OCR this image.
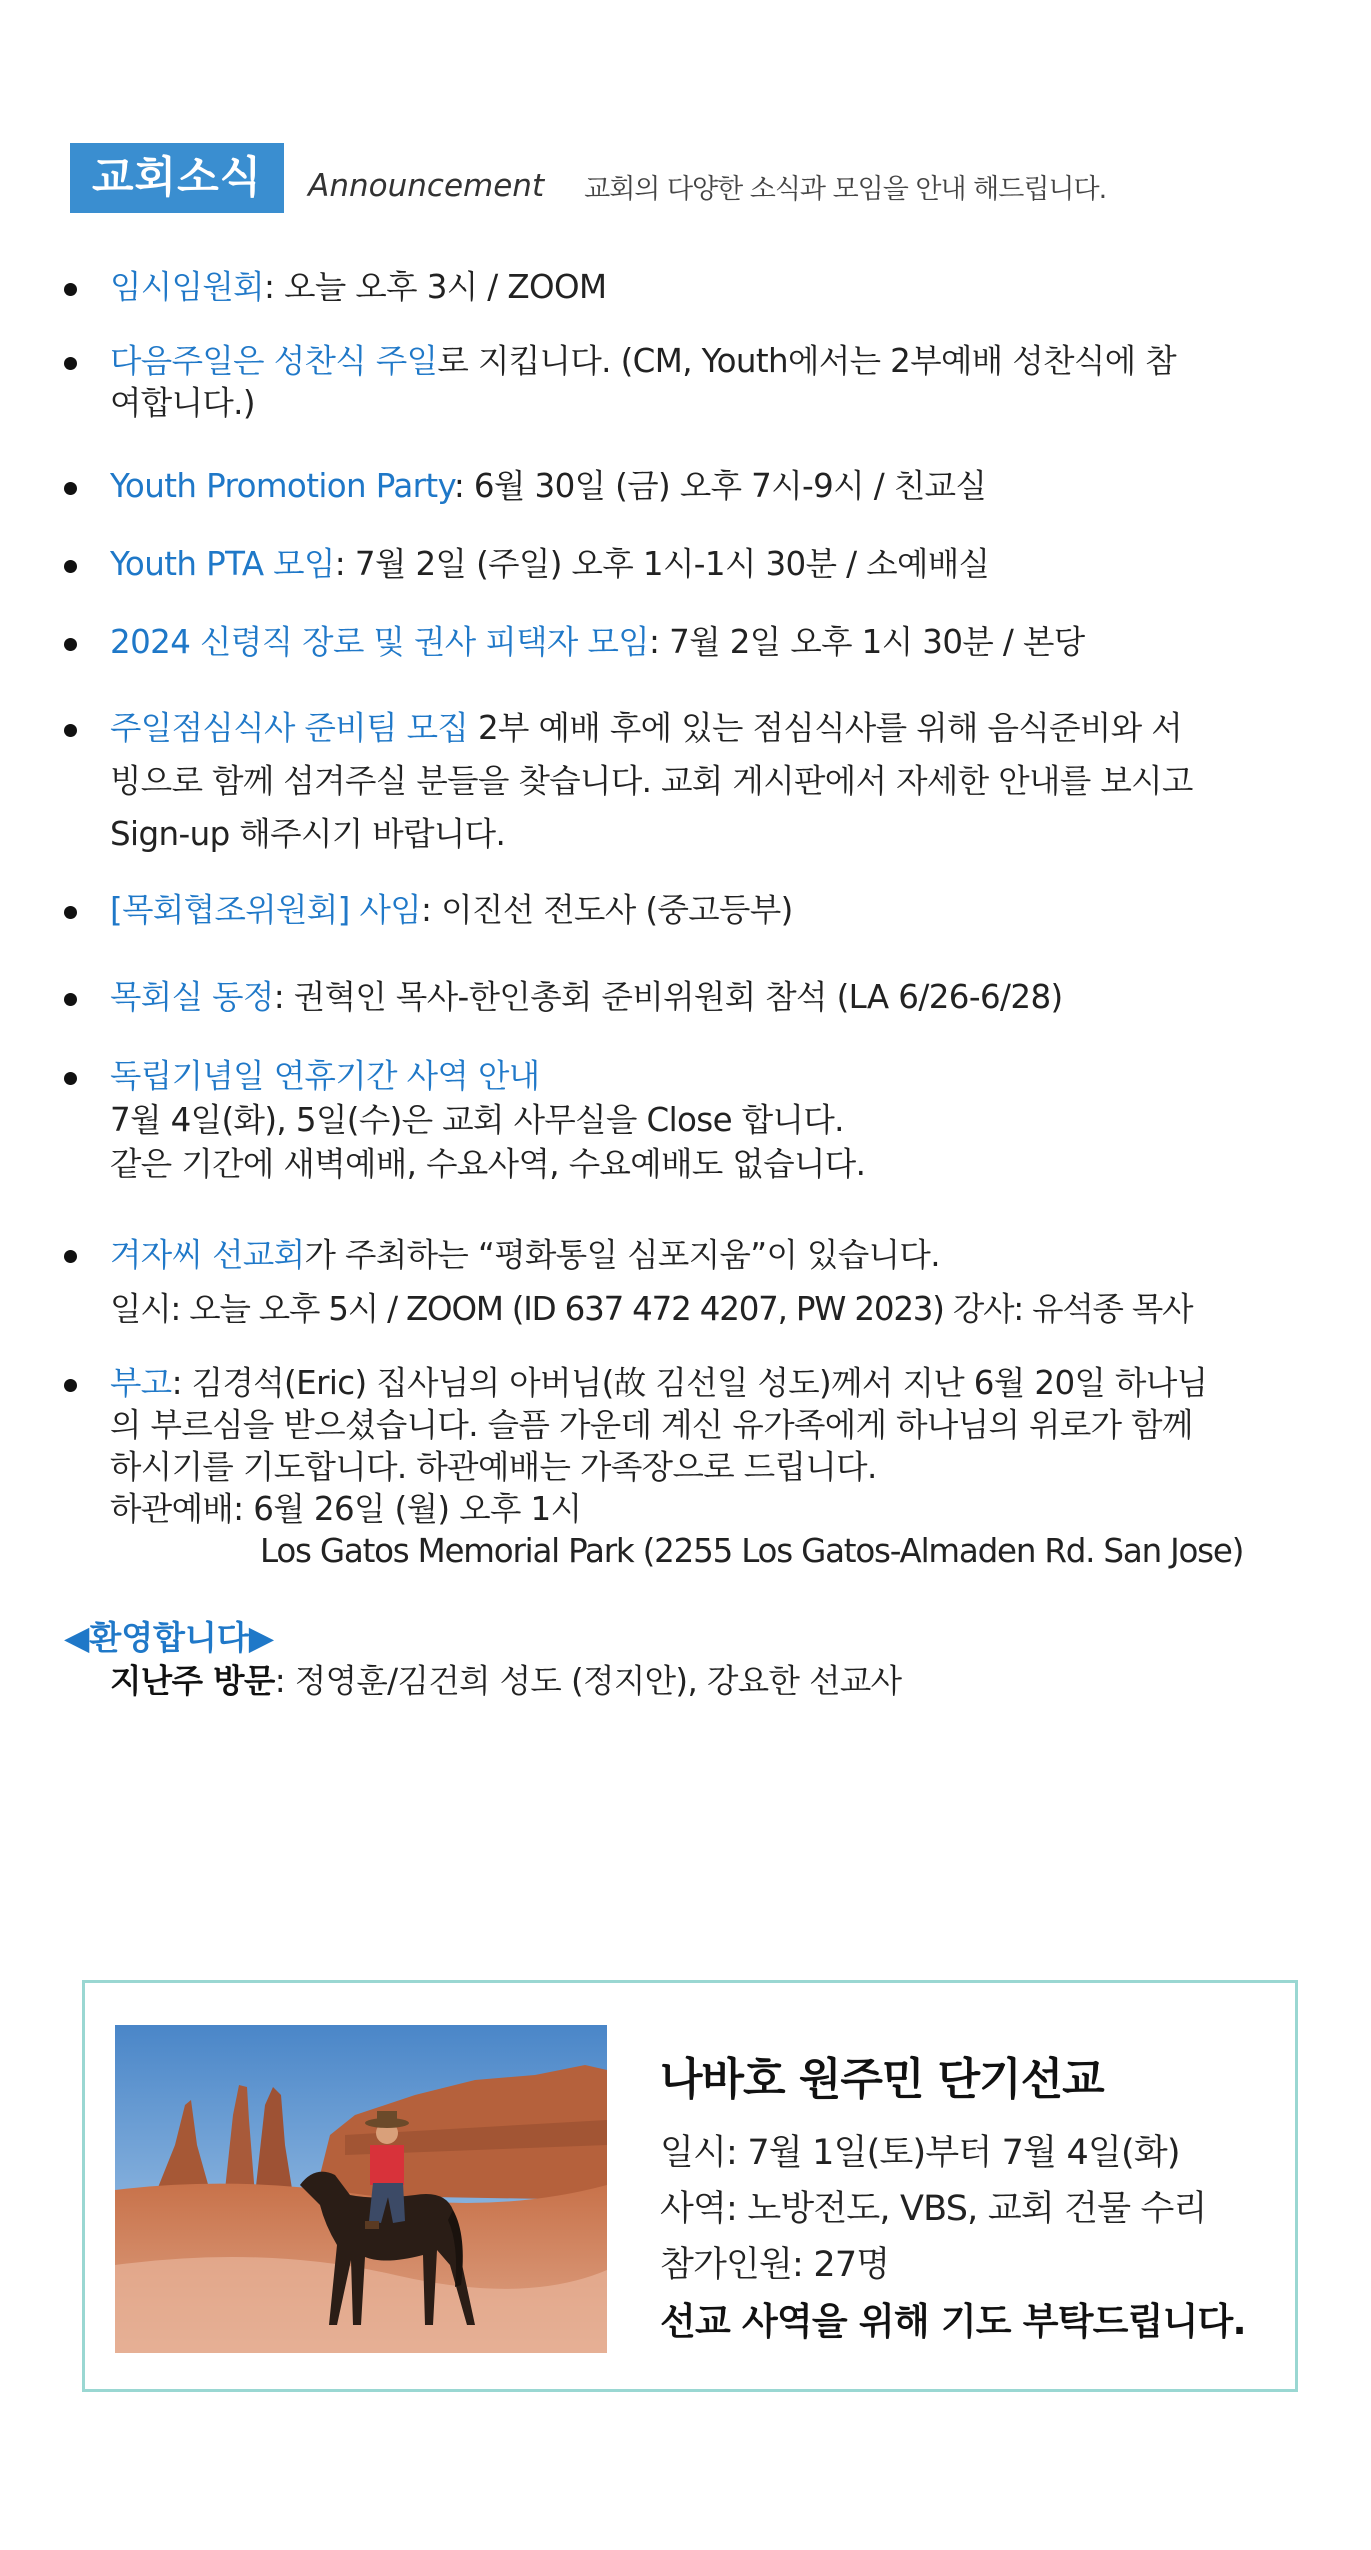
교회소식	Announcement 교회의 다양한 소식과 모임을 안내 해드립니다.
임시임원회: 오늘 오후 3시 / ZOOM
다음주일은 성찬식 주일로 지킵니다. (CM, Youth에서는 2부예배 성찬식에 참
여합니다.)
Youth Promotion Party: 6월 30일 (금) 오후 7시-9시 / 친교실
Youth PTA 모임: 7월 2일 (주일) 오후 1시-1시 30분 / 소예배실
2024 신령직 장로 및 권사 피택자 모임: 7월 2일 오후 1시 30분 / 본당
주일점심식사 준비팀 모집 2부 예배 후에 있는 점심식사를 위해 음식준비와 서
빙으로 함께 섬겨주실 분들을 찾습니다. 교회 게시판에서 자세한 안내를 보시고
Sign-up 해주시기 바랍니다.
[목회협조위원회] 사임: 이진선 전도사 (중고등부)
목회실 동정: 권혁인 목사-한인총회 준비위원회 참석 (LA 6/26-6/28)
독립기념일 연휴기간 사역 안내
7월 4일(화), 5일(수)은 교회 사무실을 Close 합니다.
같은 기간에 새벽예배, 수요사역, 수요예배도 없습니다.
겨자씨 선교회가 주최하는 “평화통일 심포지움”이 있습니다.
일시: 오늘 오후 5시 / ZOOM (ID 637 472 4207, PW 2023) 강사: 유석종 목사
부고: 김경석(Eric) 집사님의 아버님(故 김선일 성도)께서 지난 6월 20일 하나님
의 부르심을 받으셨습니다. 슬픔 가운데 계신 유가족에게 하나님의 위로가 함께
하시기를 기도합니다. 하관예배는 가족장으로 드립니다.
하관예배: 6월 26일 (월) 오후 1시
Los Gatos Memorial Park (2255 Los Gatos-Almaden Rd. San Jose)
◀환영합니다▶
지난주 방문: 정영훈/김건희 성도 (정지안), 강요한 선교사
나바호 원주민 단기선교
일시: 7월 1일(토)부터 7월 4일(화)
사역: 노방전도, VBS, 교회 건물 수리
참가인원: 27명
선교 사역을 위해 기도 부탁드립니다.
